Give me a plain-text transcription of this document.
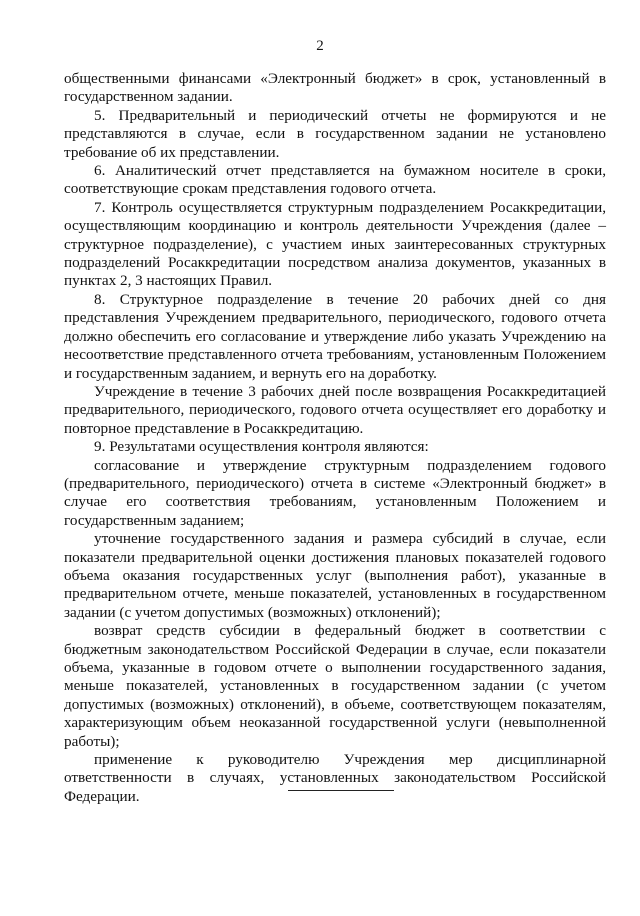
2

общественными финансами «Электронный бюджет» в срок, установленный в государственном задании.

5. Предварительный и периодический отчеты не формируются и не представляются в случае, если в государственном задании не установлено требование об их представлении.

6. Аналитический отчет представляется на бумажном носителе в сроки, соответствующие срокам представления годового отчета.

7. Контроль осуществляется структурным подразделением Росаккредитации, осуществляющим координацию и контроль деятельности Учреждения (далее – структурное подразделение), с участием иных заинтересованных структурных подразделений Росаккредитации посредством анализа документов, указанных в пунктах 2, 3 настоящих Правил.

8. Структурное подразделение в течение 20 рабочих дней со дня представления Учреждением предварительного, периодического, годового отчета должно обеспечить его согласование и утверждение либо указать Учреждению на несоответствие представленного отчета требованиям, установленным Положением и государственным заданием, и вернуть его на доработку.

Учреждение в течение 3 рабочих дней после возвращения Росаккредитацией предварительного, периодического, годового отчета осуществляет его доработку и повторное представление в Росаккредитацию.

9. Результатами осуществления контроля являются:

согласование и утверждение структурным подразделением годового (предварительного, периодического) отчета в системе «Электронный бюджет» в случае его соответствия требованиям, установленным Положением и государственным заданием;

уточнение государственного задания и размера субсидий в случае, если показатели предварительной оценки достижения плановых показателей годового объема оказания государственных услуг (выполнения работ), указанные в предварительном отчете, меньше показателей, установленных в государственном задании (с учетом допустимых (возможных) отклонений);

возврат средств субсидии в федеральный бюджет в соответствии с бюджетным законодательством Российской Федерации в случае, если показатели объема, указанные в годовом отчете о выполнении государственного задания, меньше показателей, установленных в государственном задании (с учетом допустимых (возможных) отклонений), в объеме, соответствующем показателям, характеризующим объем неоказанной государственной услуги (невыполненной работы);

применение к руководителю Учреждения мер дисциплинарной ответственности в случаях, установленных законодательством Российской Федерации.
